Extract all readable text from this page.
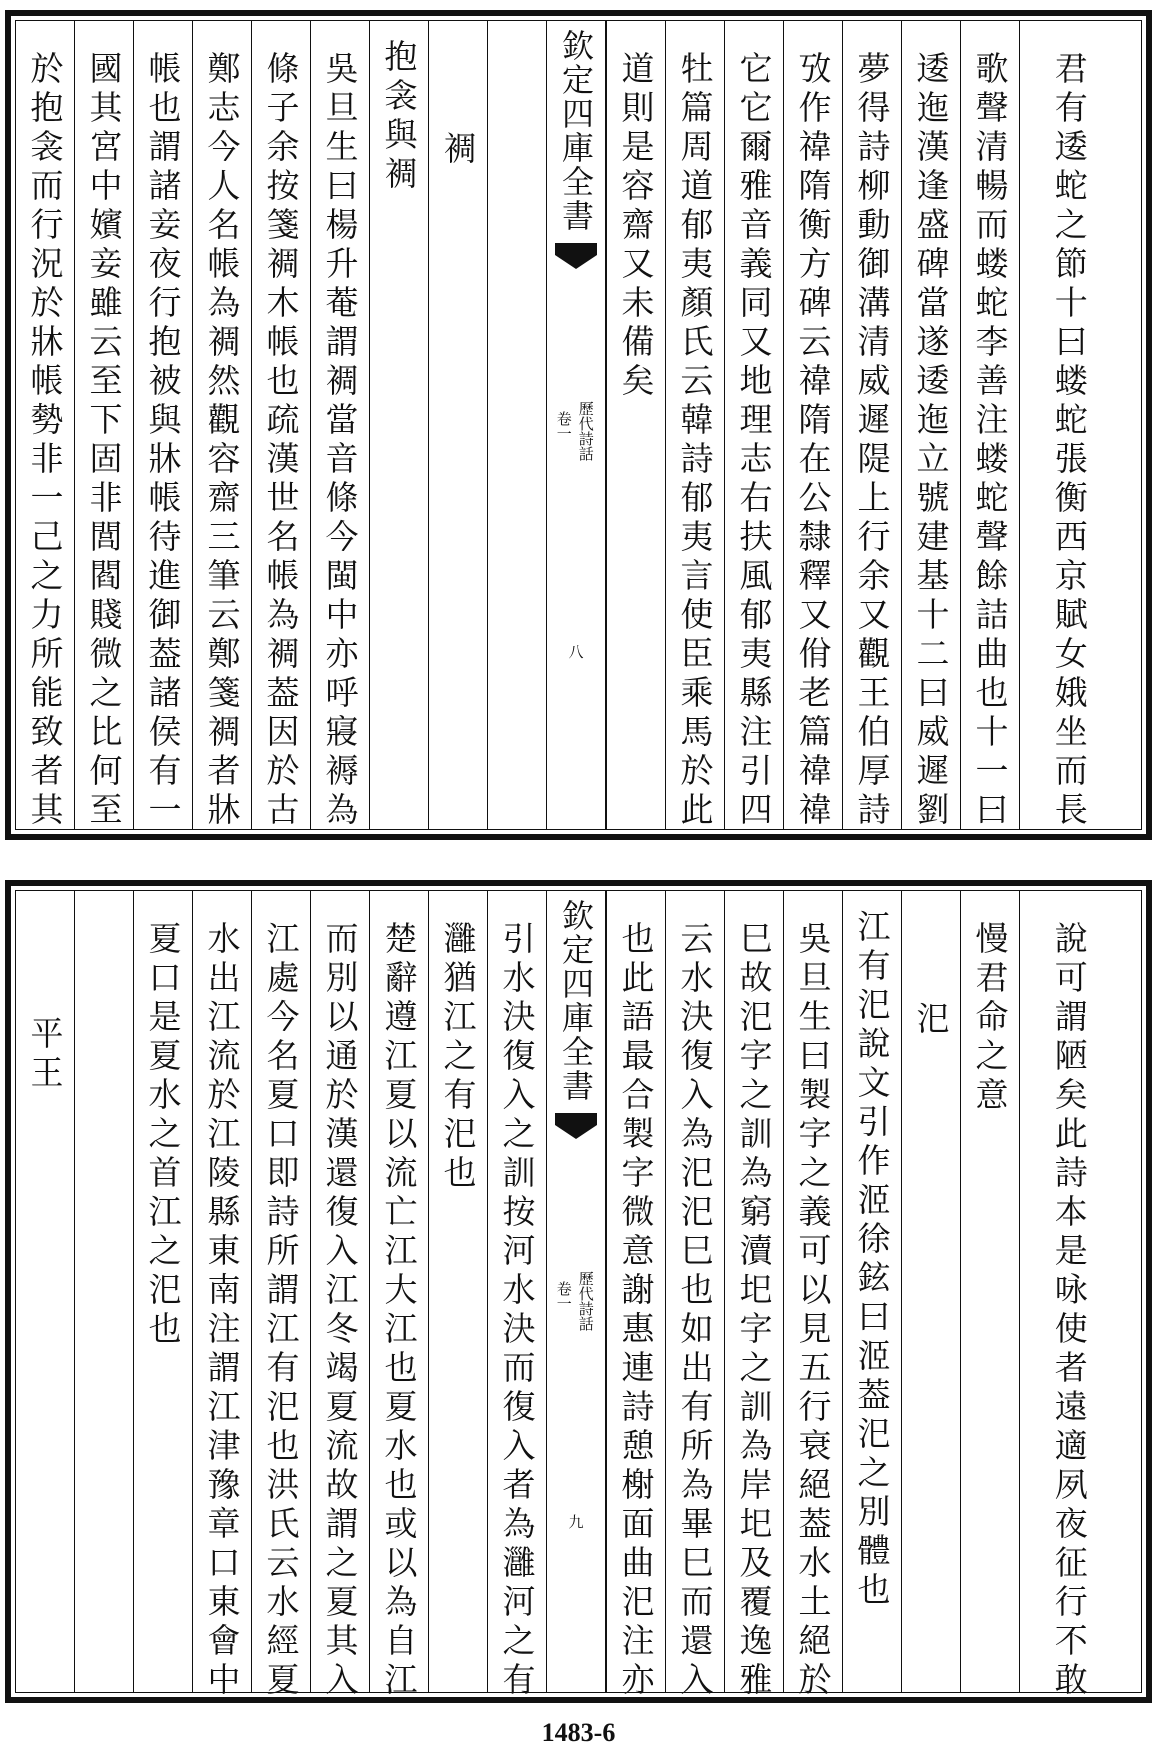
於抱衾而行況於牀帳勢非一己之力所能致者其 國其宮中嬪妾雖云至下固非閭閻賤微之比何至 帳也謂諸妾夜行抱被與牀帳待進御葢諸侯有一 鄭志今人名帳為裯然觀容齋三筆云鄭箋裯者牀 條子余按箋裯木帳也疏漢世名帳為裯葢因於古 吳旦生曰楊升菴謂裯當音條今閩中亦呼寢褥為 抱衾與裯 裯 欽定四庫全書
歷代詩話
卷一
八
道則是容齋又未備矣 牡篇周道郁夷顏氏云韓詩郁夷言使臣乘馬於此 它它爾雅音義同又地理志右扶風郁夷縣注引四 攷作禕隋衡方碑云禕隋在公隸釋又佾老篇禕禕 夢得詩柳動御溝清威遲隄上行余又觀王伯厚詩 逶迤漢逢盛碑當遂逶迤立號建基十二曰威遲劉 歌聲清暢而蝼蛇李善注蝼蛇聲餘詰曲也十一曰 君有逶蛇之節十曰蝼蛇張衡西京賦女娥坐而長
平王 夏口是夏水之首江之汜也 水出江流於江陵縣東南注謂江津豫章口東會中 江處今名夏口即詩所謂江有汜也洪氏云水經夏 而別以通於漢還復入江冬竭夏流故謂之夏其入 楚辭遵江夏以流亡江大江也夏水也或以為自江 灉猶江之有汜也 引水決復入之訓按河水決而復入者為灉河之有 欽定四庫全書
歷代詩話
卷一
九 也此語最合製字微意謝惠連詩憩榭面曲汜注亦 云水決復入為汜汜巳也如出有所為畢巳而還入 巳故汜字之訓為窮瀆圯字之訓為岸圯及覆逸雅 吳旦生曰製字之義可以見五行衰絕葢水土絕於 江有汜說文引作洍徐鉉曰洍葢汜之別體也 汜 慢君命之意 說可謂陋矣此詩本是咏使者遠適夙夜征行不敢
1483-6
